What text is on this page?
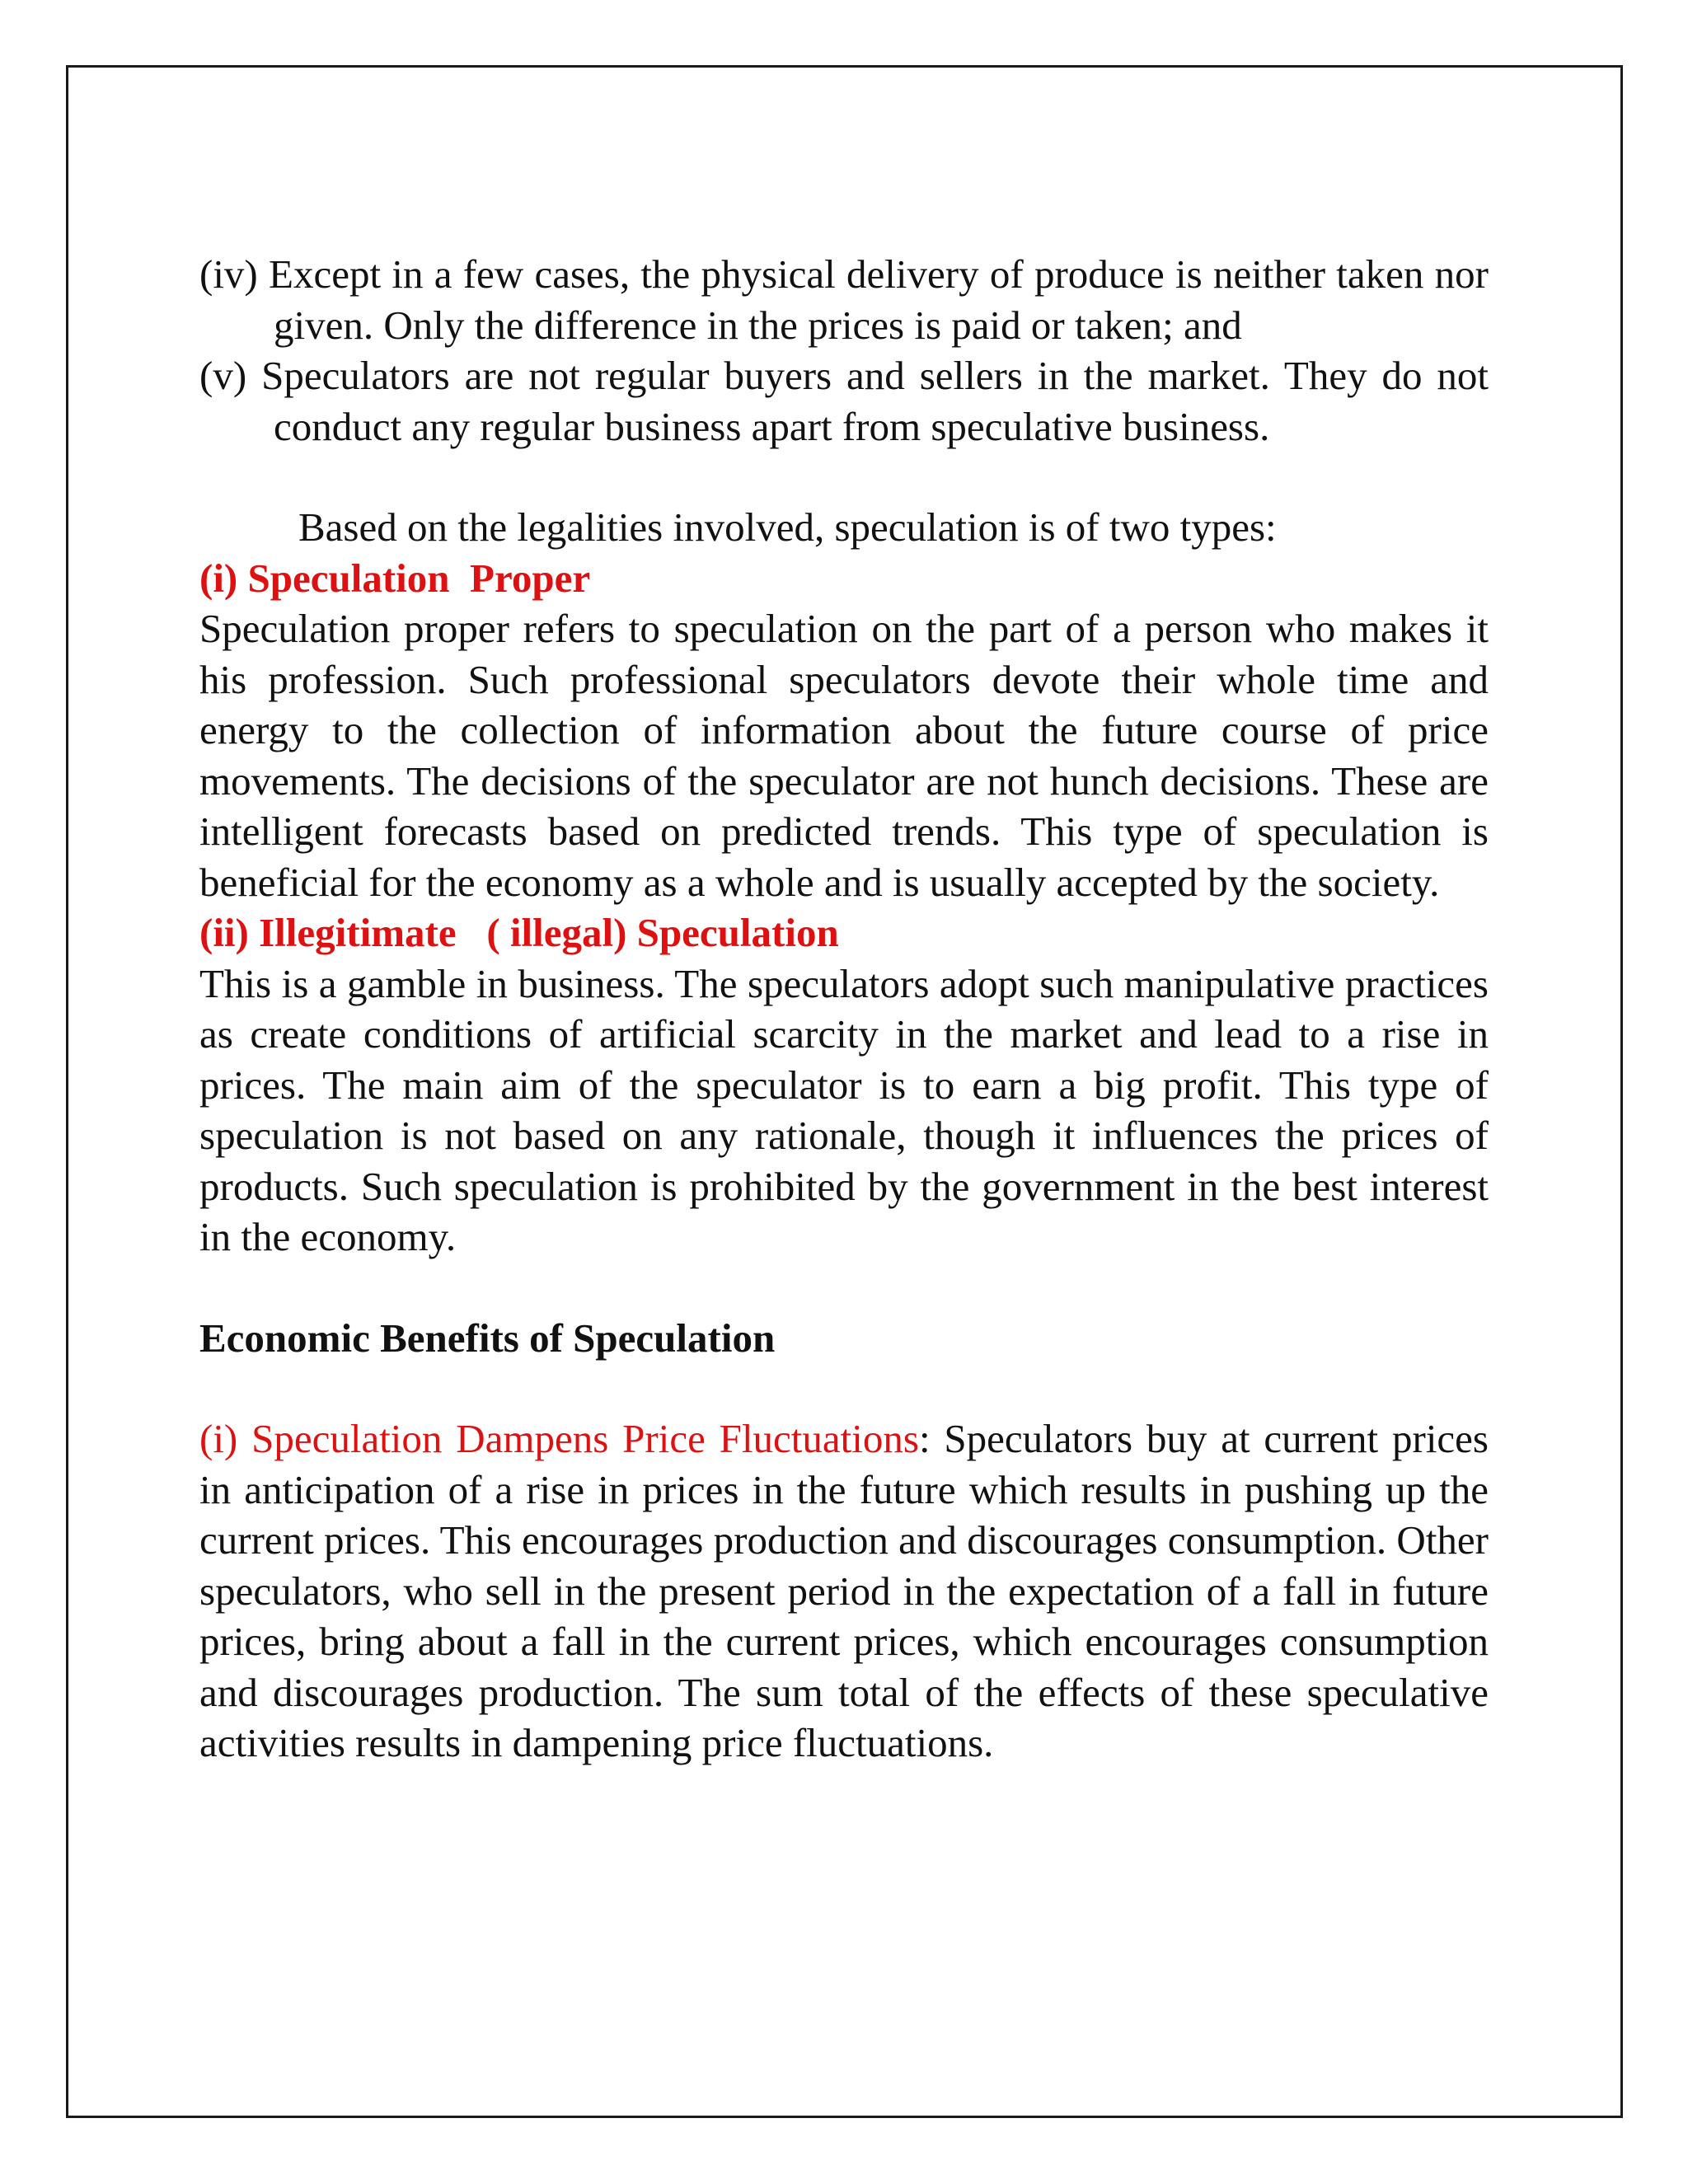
(iv) Except in a few cases, the physical delivery of produce is neither taken nor given. Only the difference in the prices is paid or taken; and

(v) Speculators are not regular buyers and sellers in the market. They do not conduct any regular business apart from speculative business.

Based on the legalities involved, speculation is of two types:

(i) Speculation  Proper

Speculation proper refers to speculation on the part of a person who makes it his profession. Such professional speculators devote their whole time and energy to the collection of information about the future course of price movements. The decisions of the speculator are not hunch decisions. These are intelligent forecasts based on predicted trends. This type of speculation is beneficial for the economy as a whole and is usually accepted by the society.

(ii) Illegitimate   ( illegal) Speculation

This is a gamble in business. The speculators adopt such manipulative practices as create conditions of artificial scarcity in the market and lead to a rise in prices. The main aim of the speculator is to earn a big profit. This type of speculation is not based on any rationale, though it influences the prices of products. Such speculation is prohibited by the government in the best interest in the economy.

Economic Benefits of Speculation

(i) Speculation Dampens Price Fluctuations: Speculators buy at current prices in anticipation of a rise in prices in the future which results in pushing up the current prices. This encourages production and discourages consumption. Other speculators, who sell in the present period in the expectation of a fall in future prices, bring about a fall in the current prices, which encourages consumption and discourages production. The sum total of the effects of these speculative activities results in dampening price fluctuations.
